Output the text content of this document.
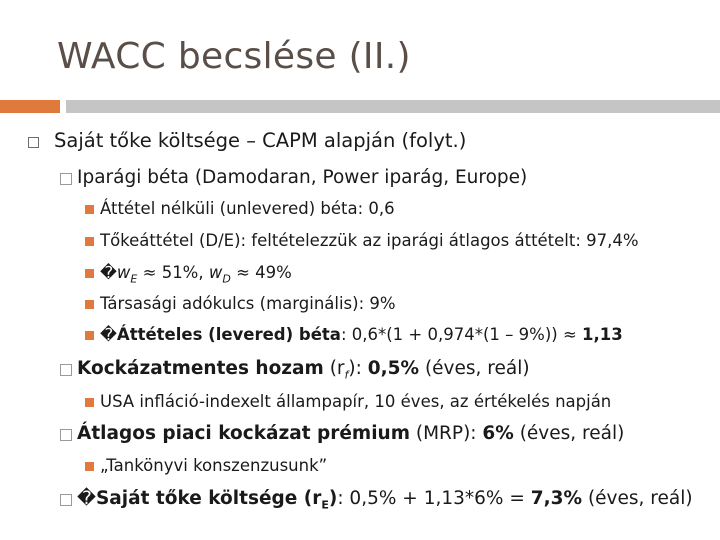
WACC becslése (II.)
Saját tőke költsége – CAPM alapján (folyt.)
Iparági béta (Damodaran, Power iparág, Europe)
Áttétel nélküli (unlevered) béta: 0,6
Tőkeáttétel (D/E): feltételezzük az iparági átlagos áttételt: 97,4%
$�w_E \approx 51\%$, $w_D \approx 49\%$
Társasági adókulcs (marginális): 9%
�Áttételes (levered) béta: 0,6*(1 + 0,974*(1 – 9%)) ≈ 1,13
Kockázatmentes hozam $(r_f)$: 0,5% (éves, reál)
USA infláció-indexelt állampapír, 10 éves, az értékelés napján
Átlagos piaci kockázat prémium (MRP): 6% (éves, reál)
„Tankönyvi konszenzusunk”
�Saját tőke költsége $(r_E)$: 0,5% + 1,13*6% = 7,3% (éves, reál)
